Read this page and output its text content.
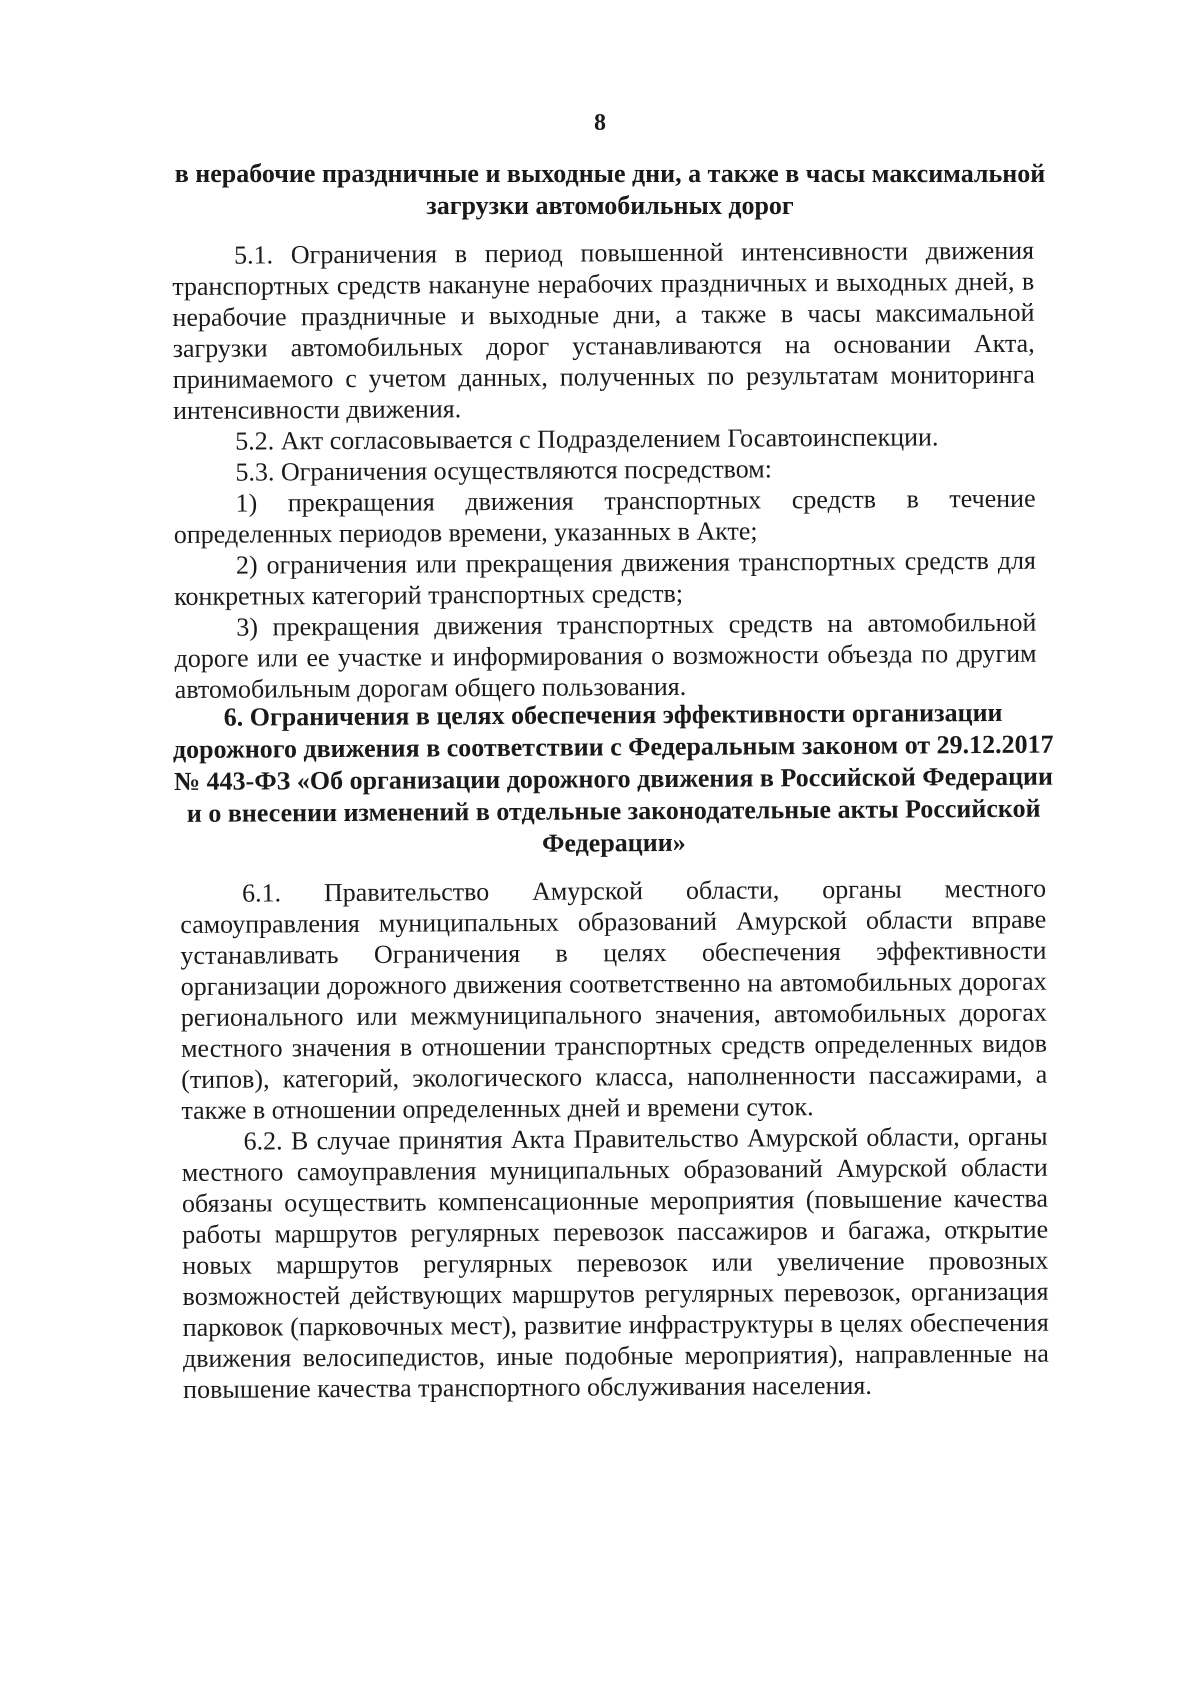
8
в нерабочие праздничные и выходные дни, а также в часы максимальной
загрузки автомобильных дорог

5.1. Ограничения в период повышенной интенсивности движения транспортных средств накануне нерабочих праздничных и выходных дней, в нерабочие праздничные и выходные дни, а также в часы максимальной загрузки автомобильных дорог устанавливаются на основании Акта, принимаемого с учетом данных, полученных по результатам мониторинга интенсивности движения.

5.2. Акт согласовывается с Подразделением Госавтоинспекции.

5.3. Ограничения осуществляются посредством:

1) прекращения движения транспортных средств в течение определенных периодов времени, указанных в Акте;

2) ограничения или прекращения движения транспортных средств для конкретных категорий транспортных средств;

3) прекращения движения транспортных средств на автомобильной дороге или ее участке и информирования о возможности объезда по другим автомобильным дорогам общего пользования.

6. Ограничения в целях обеспечения эффективности организации
дорожного движения в соответствии с Федеральным законом от 29.12.2017
№ 443-ФЗ «Об организации дорожного движения в Российской Федерации
и о внесении изменений в отдельные законодательные акты Российской
Федерации»

6.1. Правительство Амурской области, органы местного самоуправления муниципальных образований Амурской области вправе устанавливать Ограничения в целях обеспечения эффективности организации дорожного движения соответственно на автомобильных дорогах регионального или межмуниципального значения, автомобильных дорогах местного значения в отношении транспортных средств определенных видов (типов), категорий, экологического класса, наполненности пассажирами, а также в отношении определенных дней и времени суток.

6.2. В случае принятия Акта Правительство Амурской области, органы местного самоуправления муниципальных образований Амурской области обязаны осуществить компенсационные мероприятия (повышение качества работы маршрутов регулярных перевозок пассажиров и багажа, открытие новых маршрутов регулярных перевозок или увеличение провозных возможностей действующих маршрутов регулярных перевозок, организация парковок (парковочных мест), развитие инфраструктуры в целях обеспечения движения велосипедистов, иные подобные мероприятия), направленные на повышение качества транспортного обслуживания населения.
